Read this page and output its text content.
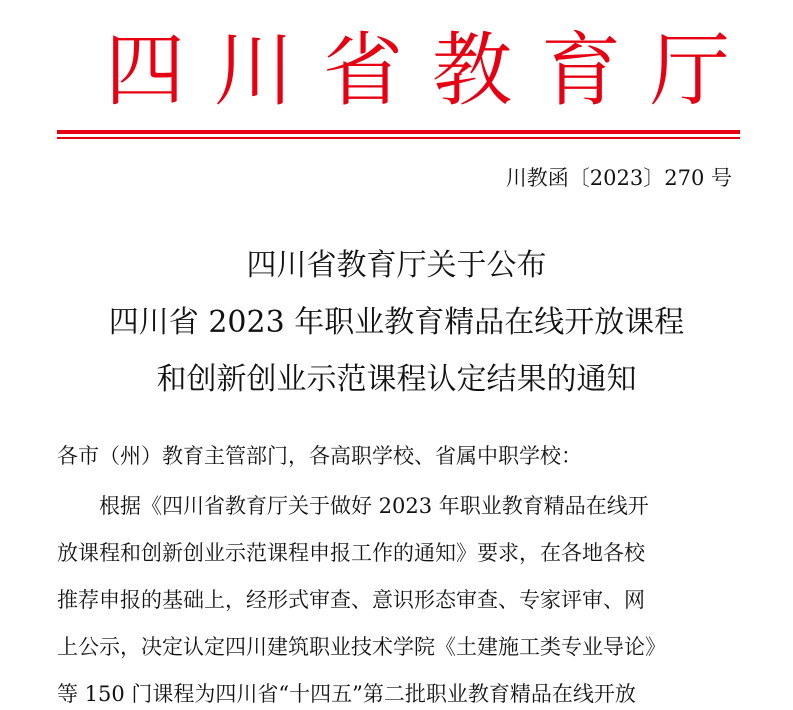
四 川 省 教 育 厅
川教函〔2023〕270 号
四川省教育厅关于公布
四川省 2023 年职业教育精品在线开放课程
和创新创业示范课程认定结果的通知
各市（州）教育主管部门，各高职学校、省属中职学校：
根据《四川省教育厅关于做好 2023 年职业教育精品在线开
放课程和创新创业示范课程申报工作的通知》要求，在各地各校
推荐申报的基础上，经形式审查、意识形态审查、专家评审、网
上公示，决定认定四川建筑职业技术学院《土建施工类专业导论》
等 150 门课程为四川省“十四五”第二批职业教育精品在线开放
